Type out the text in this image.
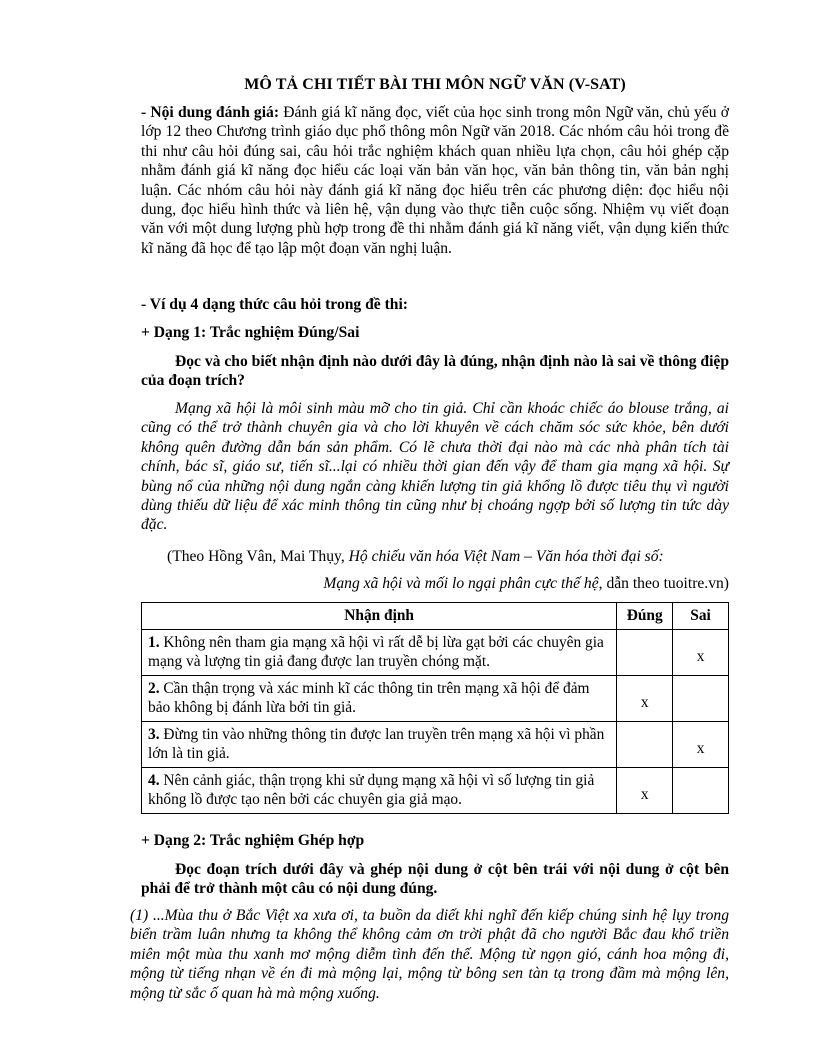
MÔ TẢ CHI TIẾT BÀI THI MÔN NGỮ VĂN (V-SAT)
- Nội dung đánh giá: Đánh giá kĩ năng đọc, viết của học sinh trong môn Ngữ văn, chủ yếu ở lớp 12 theo Chương trình giáo dục phổ thông môn Ngữ văn 2018. Các nhóm câu hỏi trong đề thi như câu hỏi đúng sai, câu hỏi trắc nghiệm khách quan nhiều lựa chọn, câu hỏi ghép cặp nhằm đánh giá kĩ năng đọc hiểu các loại văn bản văn học, văn bản thông tin, văn bản nghị luận. Các nhóm câu hỏi này đánh giá kĩ năng đọc hiểu trên các phương diện: đọc hiểu nội dung, đọc hiểu hình thức và liên hệ, vận dụng vào thực tiễn cuộc sống. Nhiệm vụ viết đoạn văn với một dung lượng phù hợp trong đề thi nhằm đánh giá kĩ năng viết, vận dụng kiến thức kĩ năng đã học để tạo lập một đoạn văn nghị luận.
- Ví dụ 4 dạng thức câu hỏi trong đề thi:
+ Dạng 1: Trắc nghiệm Đúng/Sai
Đọc và cho biết nhận định nào dưới đây là đúng, nhận định nào là sai về thông điệp của đoạn trích?
Mạng xã hội là môi sinh màu mỡ cho tin giả. Chỉ cần khoác chiếc áo blouse trắng, ai cũng có thể trở thành chuyên gia và cho lời khuyên về cách chăm sóc sức khỏe, bên dưới không quên đường dẫn bán sản phẩm. Có lẽ chưa thời đại nào mà các nhà phân tích tài chính, bác sĩ, giáo sư, tiến sĩ...lại có nhiều thời gian đến vậy để tham gia mạng xã hội. Sự bùng nổ của những nội dung ngắn càng khiến lượng tin giả khổng lồ được tiêu thụ vì người dùng thiếu dữ liệu để xác minh thông tin cũng như bị choáng ngợp bởi số lượng tin tức dày đặc.
(Theo Hồng Vân, Mai Thụy, Hộ chiếu văn hóa Việt Nam – Văn hóa thời đại số:
Mạng xã hội và mối lo ngại phân cực thế hệ, dẫn theo tuoitre.vn)
Nhận định	Đúng	Sai
1. Không nên tham gia mạng xã hội vì rất dễ bị lừa gạt bởi các chuyên gia mạng và lượng tin giả đang được lan truyền chóng mặt.		x
2. Cần thận trọng và xác minh kĩ các thông tin trên mạng xã hội để đảm bảo không bị đánh lừa bởi tin giả.	x	
3. Đừng tin vào những thông tin được lan truyền trên mạng xã hội vì phần lớn là tin giả.		x
4. Nên cảnh giác, thận trọng khi sử dụng mạng xã hội vì số lượng tin giả khổng lồ được tạo nên bởi các chuyên gia giả mạo.	x	
+ Dạng 2: Trắc nghiệm Ghép hợp
Đọc đoạn trích dưới đây và ghép nội dung ở cột bên trái với nội dung ở cột bên phải để trở thành một câu có nội dung đúng.
(1) ...Mùa thu ở Bắc Việt xa xưa ơi, ta buồn da diết khi nghĩ đến kiếp chúng sinh hệ lụy trong biển trầm luân nhưng ta không thể không cảm ơn trời phật đã cho người Bắc đau khổ triền miên một mùa thu xanh mơ mộng diễm tình đến thế. Mộng từ ngọn gió, cánh hoa mộng đi, mộng từ tiếng nhạn về én đi mà mộng lại, mộng từ bông sen tàn tạ trong đầm mà mộng lên, mộng từ sắc ố quan hà mà mộng xuống.
